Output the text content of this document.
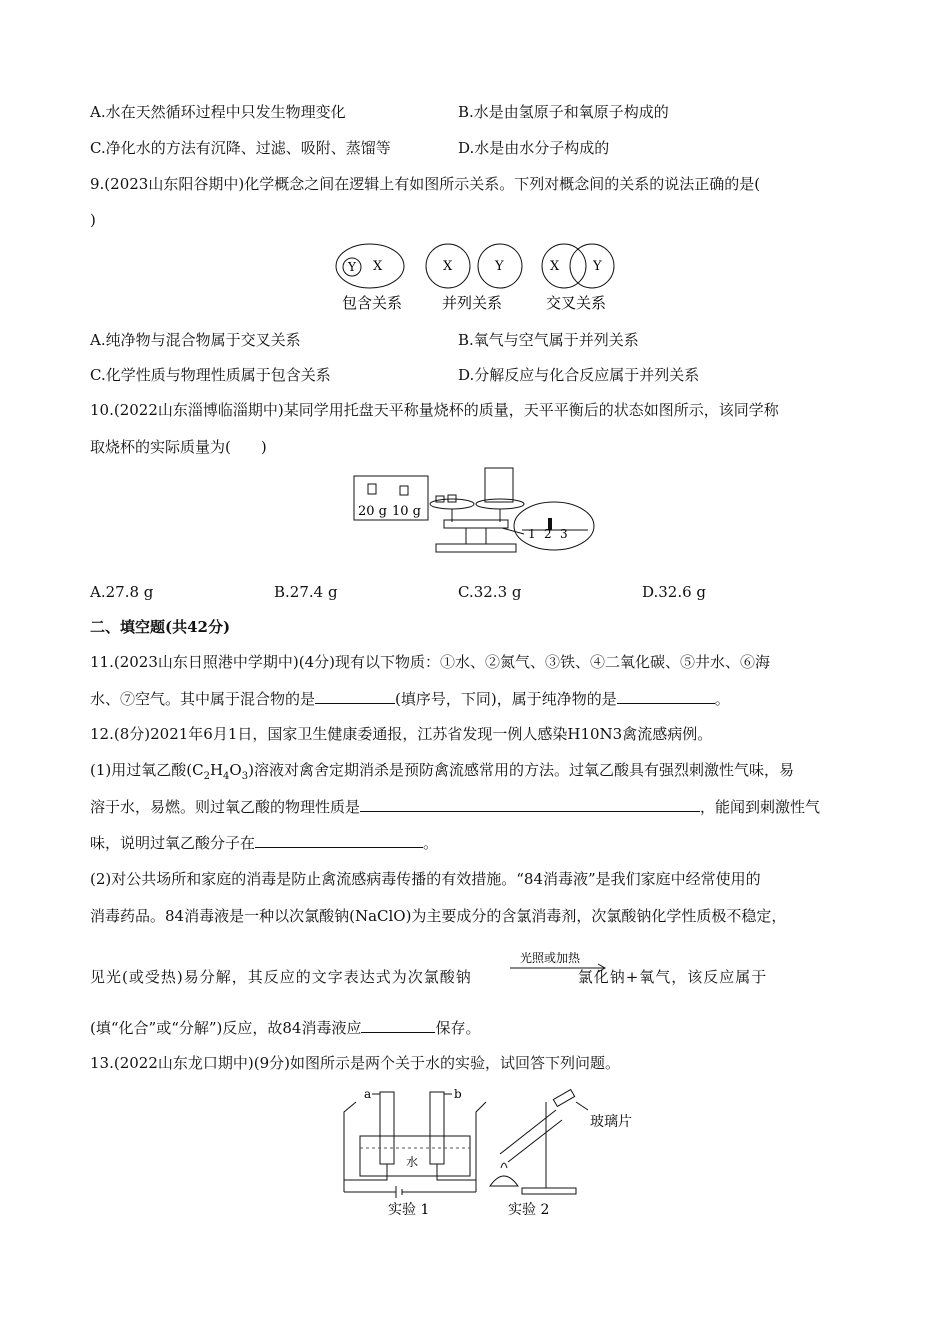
A.水在天然循环过程中只发生物理变化	B.水是由氢原子和氧原子构成的
C.净化水的方法有沉降、过滤、吸附、蒸馏等	D.水是由水分子构成的
9.(2023山东阳谷期中)化学概念之间在逻辑上有如图所示关系。下列对概念间的关系的说法正确的是(
)
Y X
包含关系
X	Y
并列关系
X	Y
交叉关系
A.纯净物与混合物属于交叉关系	B.氧气与空气属于并列关系
C.化学性质与物理性质属于包含关系	D.分解反应与化合反应属于并列关系
10.(2022山东淄博临淄期中)某同学用托盘天平称量烧杯的质量，天平平衡后的状态如图所示，该同学称
取烧杯的实际质量为(　　)
20 g 10 g
1 2 3
A.27.8 g	B.27.4 g	C.32.3 g	D.32.6 g
二、填空题(共42分)
11.(2023山东日照港中学期中)(4分)现有以下物质：①水、②氮气、③铁、④二氧化碳、⑤井水、⑥海
水、⑦空气。其中属于混合物的是	(填序号，下同)，属于纯净物的是	。
12.(8分)2021年6月1日，国家卫生健康委通报，江苏省发现一例人感染H10N3禽流感病例。
(1)用过氧乙酸$(C_2H_4O_3)$溶液对禽舍定期消杀是预防禽流感常用的方法。过氧乙酸具有强烈刺激性气味，易
溶于水，易燃。则过氧乙酸的物理性质是	，能闻到刺激性气
味，说明过氧乙酸分子在	。
(2)对公共场所和家庭的消毒是防止禽流感病毒传播的有效措施。“84消毒液”是我们家庭中经常使用的
消毒药品。84消毒液是一种以次氯酸钠(NaClO)为主要成分的含氯消毒剂，次氯酸钠化学性质极不稳定，
见光(或受热)易分解，其反应的文字表达式为次氯酸钠	氯化钠+氧气，该反应属于
光照或加热
(填“化合”或“分解”)反应，故84消毒液应	保存。
13.(2022山东龙口期中)(9分)如图所示是两个关于水的实验，试回答下列问题。
a	b
水
实验 1
玻璃片
实验 2
